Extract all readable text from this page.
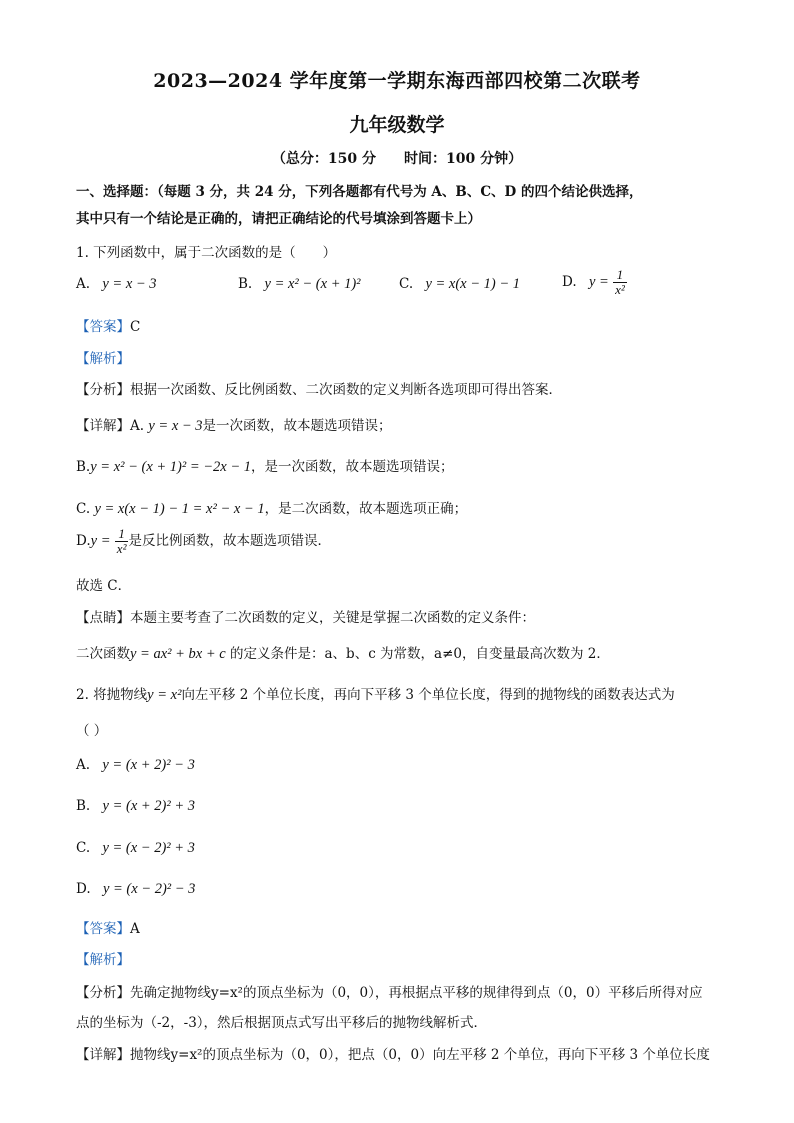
2023—2024 学年度第一学期东海西部四校第二次联考
九年级数学
（总分：150 分　　时间：100 分钟）
一、选择题：（每题 3 分，共 24 分，下列各题都有代号为 A、B、C、D 的四个结论供选择，
其中只有一个结论是正确的，请把正确结论的代号填涂到答题卡上）
1. 下列函数中，属于二次函数的是（　　）
A. y = x − 3	B. y = x² − (x + 1)²	C. y = x(x − 1) − 1	D. $y = \frac{1}{\text{x²}}$
【答案】C
【解析】
【分析】根据一次函数、反比例函数、二次函数的定义判断各选项即可得出答案．
【详解】A. y = x − 3是一次函数，故本题选项错误；
B.y = x² − (x + 1)² = −2x − 1，是一次函数，故本题选项错误；
C. y = x(x − 1) − 1 = x² − x − 1，是二次函数，故本题选项正确；
$D.y = \frac{1}{\text{x²}}$ 是反比例函数，故本题选项错误．
故选 C．
【点睛】本题主要考查了二次函数的定义，关键是掌握二次函数的定义条件：
二次函数y = ax² + bx + c 的定义条件是：a、b、c 为常数，a≠0，自变量最高次数为 2．
2. 将抛物线y = x²向左平移 2 个单位长度，再向下平移 3 个单位长度，得到的抛物线的函数表达式为
（ ）
A. y = (x + 2)² − 3
B. y = (x + 2)² + 3
C. y = (x − 2)² + 3
D. y = (x − 2)² − 3
【答案】A
【解析】
【分析】先确定抛物线y=x²的顶点坐标为（0，0），再根据点平移的规律得到点（0，0）平移后所得对应
点的坐标为（-2，-3），然后根据顶点式写出平移后的抛物线解析式．
【详解】抛物线y=x²的顶点坐标为（0，0），把点（0，0）向左平移 2 个单位，再向下平移 3 个单位长度
